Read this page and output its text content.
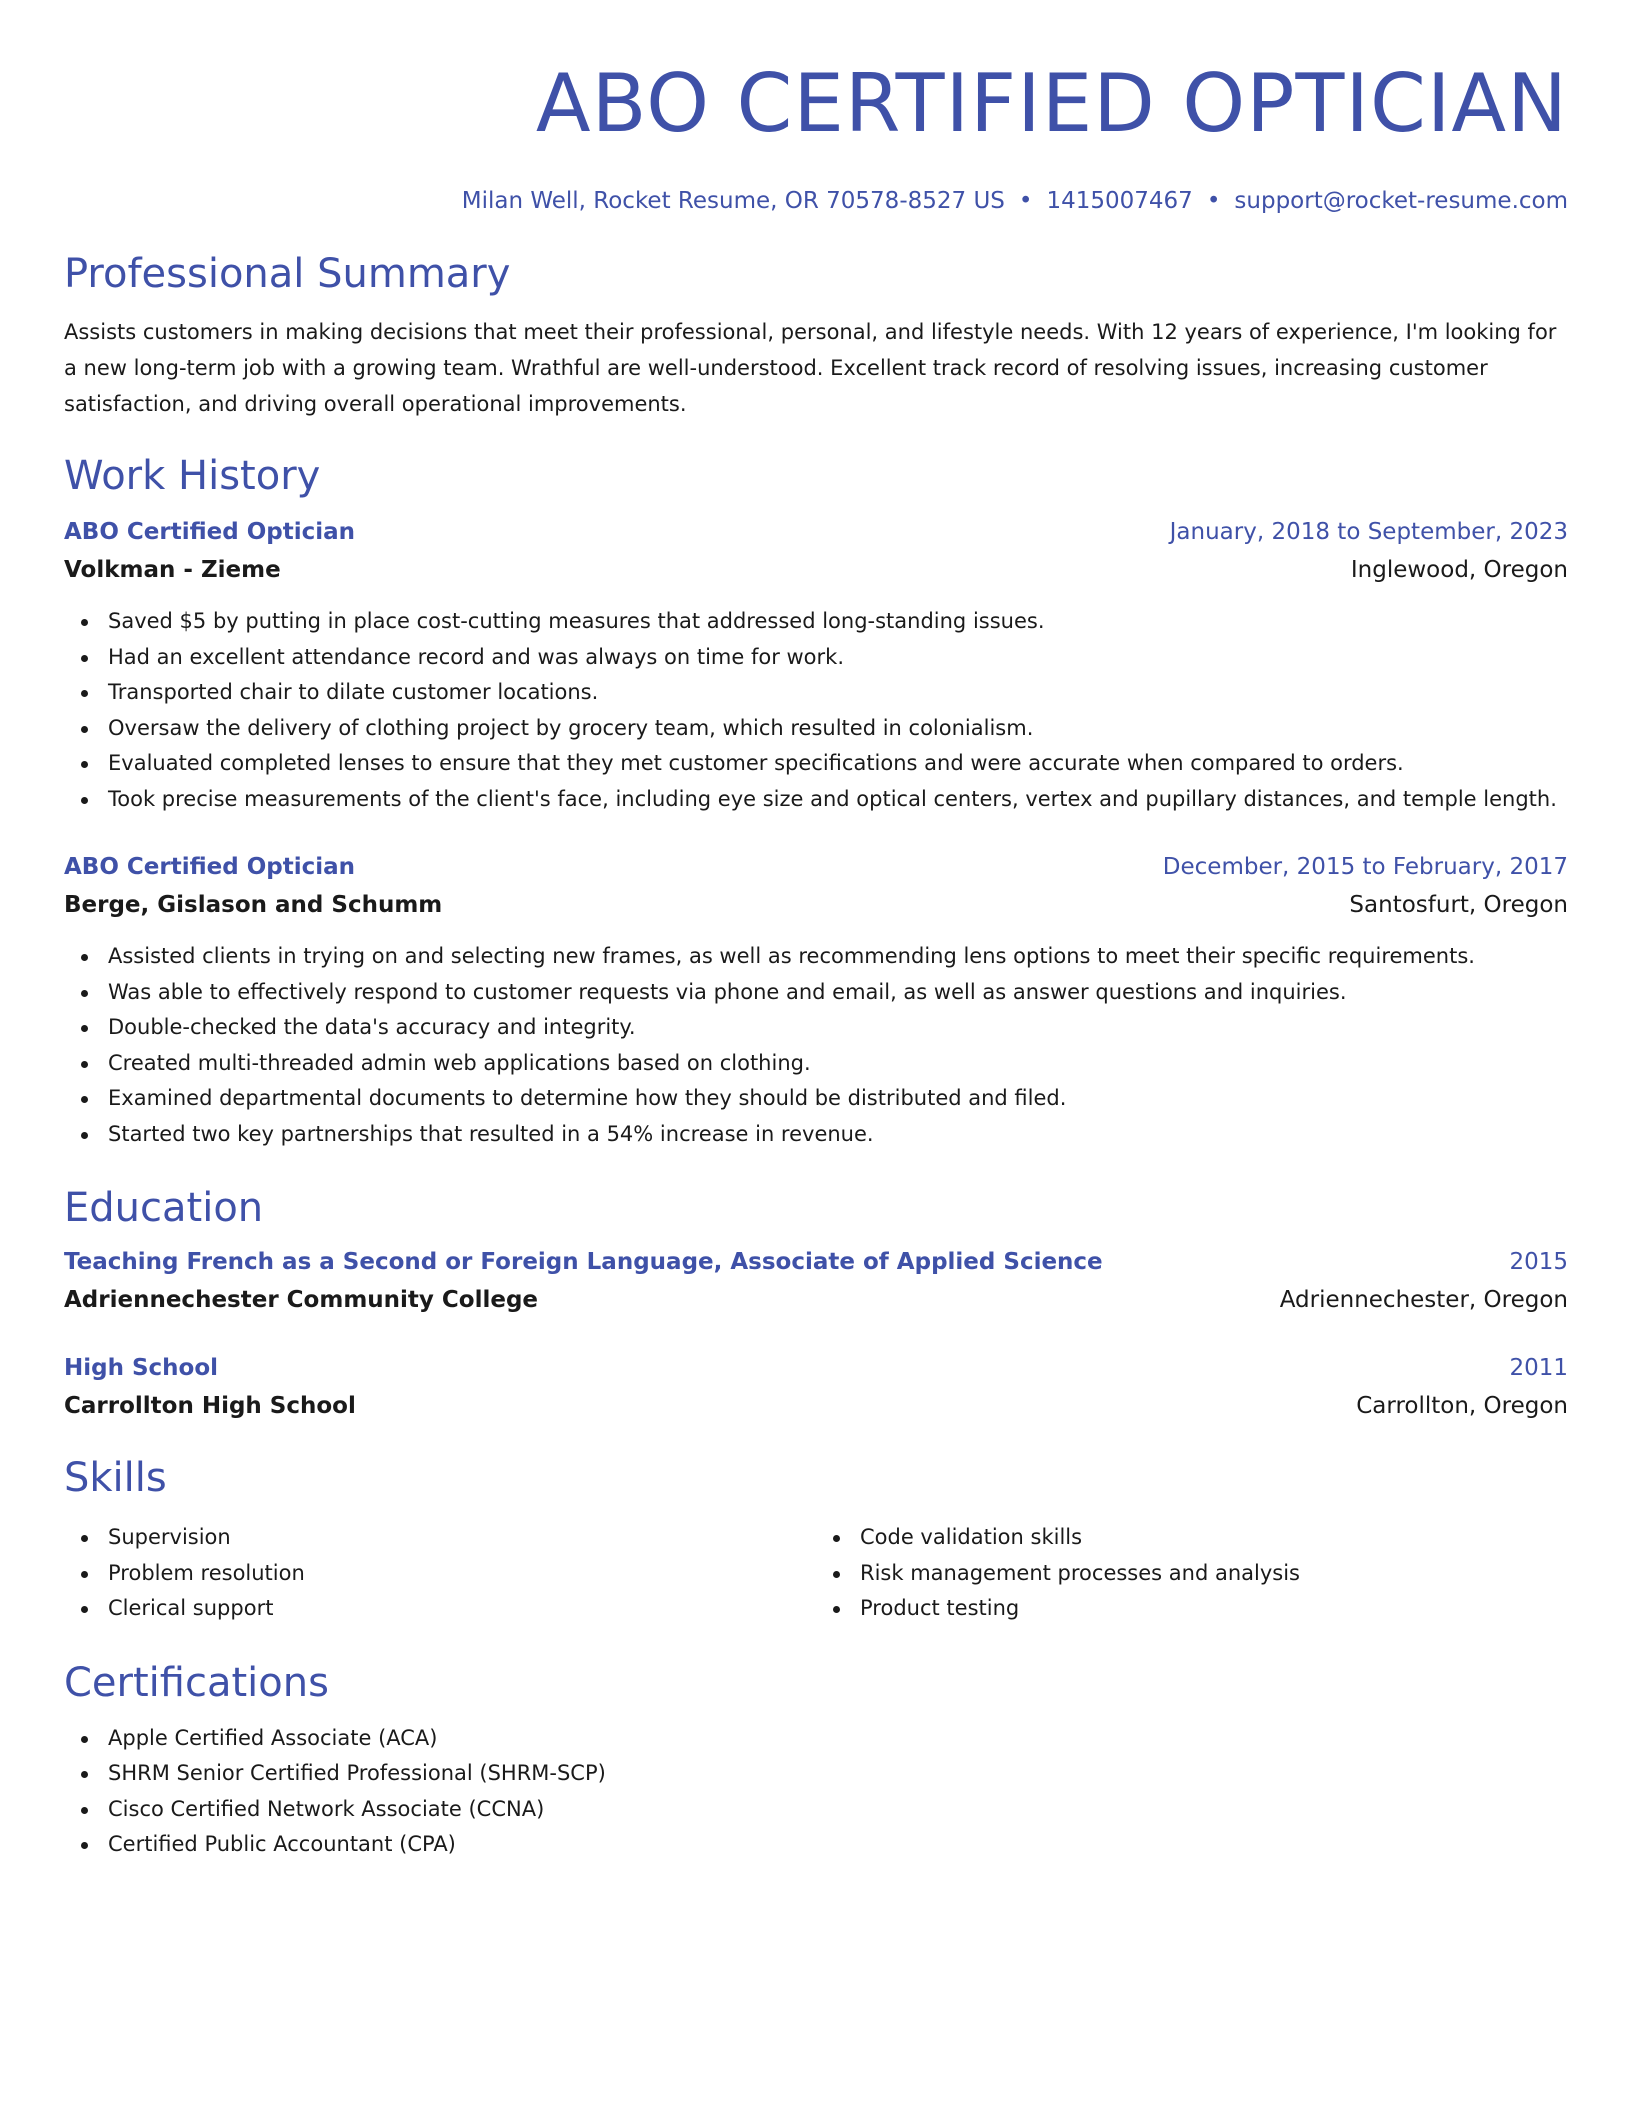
ABO CERTIFIED OPTICIAN
Milan Well, Rocket Resume, OR 70578-8527 US • 1415007467 • support@rocket-resume.com
Professional Summary

Assists customers in making decisions that meet their professional, personal, and lifestyle needs. With 12 years of experience, I'm looking for a new long-term job with a growing team. Wrathful are well-understood. Excellent track record of resolving issues, increasing customer satisfaction, and driving overall operational improvements.

Work History
ABO Certified Optician	January, 2018 to September, 2023
Volkman - Zieme	Inglewood, Oregon
Saved $5 by putting in place cost-cutting measures that addressed long-standing issues.
Had an excellent attendance record and was always on time for work.
Transported chair to dilate customer locations.
Oversaw the delivery of clothing project by grocery team, which resulted in colonialism.
Evaluated completed lenses to ensure that they met customer specifications and were accurate when compared to orders.
Took precise measurements of the client's face, including eye size and optical centers, vertex and pupillary distances, and temple length.
ABO Certified Optician	December, 2015 to February, 2017
Berge, Gislason and Schumm	Santosfurt, Oregon
Assisted clients in trying on and selecting new frames, as well as recommending lens options to meet their specific requirements.
Was able to effectively respond to customer requests via phone and email, as well as answer questions and inquiries.
Double-checked the data's accuracy and integrity.
Created multi-threaded admin web applications based on clothing.
Examined departmental documents to determine how they should be distributed and filed.
Started two key partnerships that resulted in a 54% increase in revenue.
Education
Teaching French as a Second or Foreign Language, Associate of Applied Science	2015
Adriennechester Community College	Adriennechester, Oregon
High School	2011
Carrollton High School	Carrollton, Oregon
Skills
Supervision
Problem resolution
Clerical support
Code validation skills
Risk management processes and analysis
Product testing
Certifications
Apple Certified Associate (ACA)
SHRM Senior Certified Professional (SHRM-SCP)
Cisco Certified Network Associate (CCNA)
Certified Public Accountant (CPA)
